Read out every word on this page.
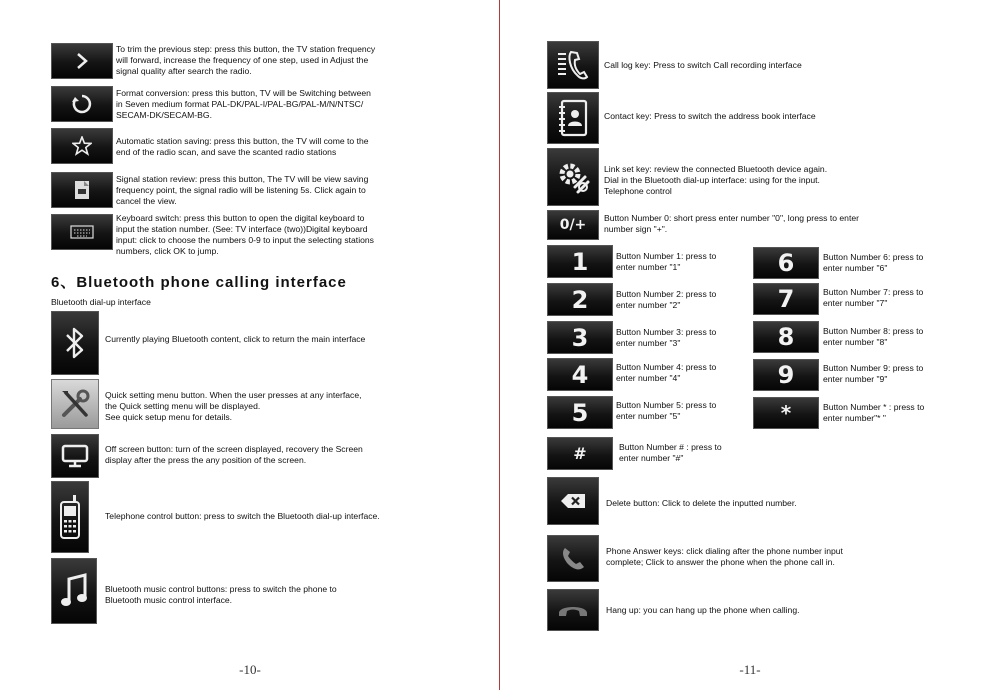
To trim the previous step: press this button, the TV station frequency
will forward, increase the frequency of one step, used in Adjust the
signal quality after search the radio.
Format conversion: press this button, TV will be Switching between
in Seven medium format PAL-DK/PAL-I/PAL-BG/PAL-M/N/NTSC/
SECAM-DK/SECAM-BG.
Automatic station saving: press this button, the TV will come to the
end of the radio scan, and save the scanted radio stations
Signal station review: press this button, The TV will be view saving
frequency point, the signal radio will be listening 5s. Click again to
cancel the view.
Keyboard switch: press this button to open the digital keyboard to
input the station number. (See: TV interface (two))Digital keyboard
input: click to choose the numbers 0-9 to input the selecting stations
numbers, click OK to jump.
6、Bluetooth phone calling interface
Bluetooth dial-up interface
Currently playing Bluetooth content, click to return the main interface
Quick setting menu button. When the user presses at any interface,
the Quick setting menu will be displayed.
See quick setup menu for details.
Off screen button: turn of the screen displayed, recovery the Screen
display after the press the any position of the screen.
Telephone control button: press to switch the Bluetooth dial-up interface.
Bluetooth music control buttons: press to switch the phone to
Bluetooth music control interface.
-10-
Call log key: Press to switch Call recording interface
Contact key: Press to switch the address book interface
Link set key: review the connected Bluetooth device again.
Dial in the Bluetooth dial-up interface: using for the input.
Telephone control
0/+ Button Number 0: short press enter number "0", long press to enter
number sign "+".
1	Button Number 1: press to
enter number "1"
2	Button Number 2: press to
enter number "2"
3	Button Number 3: press to
enter number "3"
4	Button Number 4: press to
enter number "4"
5	Button Number 5: press to
enter number "5"
6	Button Number 6: press to
enter number "6"
7	Button Number 7: press to
enter number "7"
8	Button Number 8: press to
enter number "8"
9	Button Number 9: press to
enter number "9"
*	Button Number * : press to
enter number"* "
#	Button Number # : press to
enter number "#"
Delete button: Click to delete the inputted number.
Phone Answer keys: click dialing after the phone number input
complete; Click to answer the phone when the phone call in.
Hang up: you can hang up the phone when calling.
-11-
